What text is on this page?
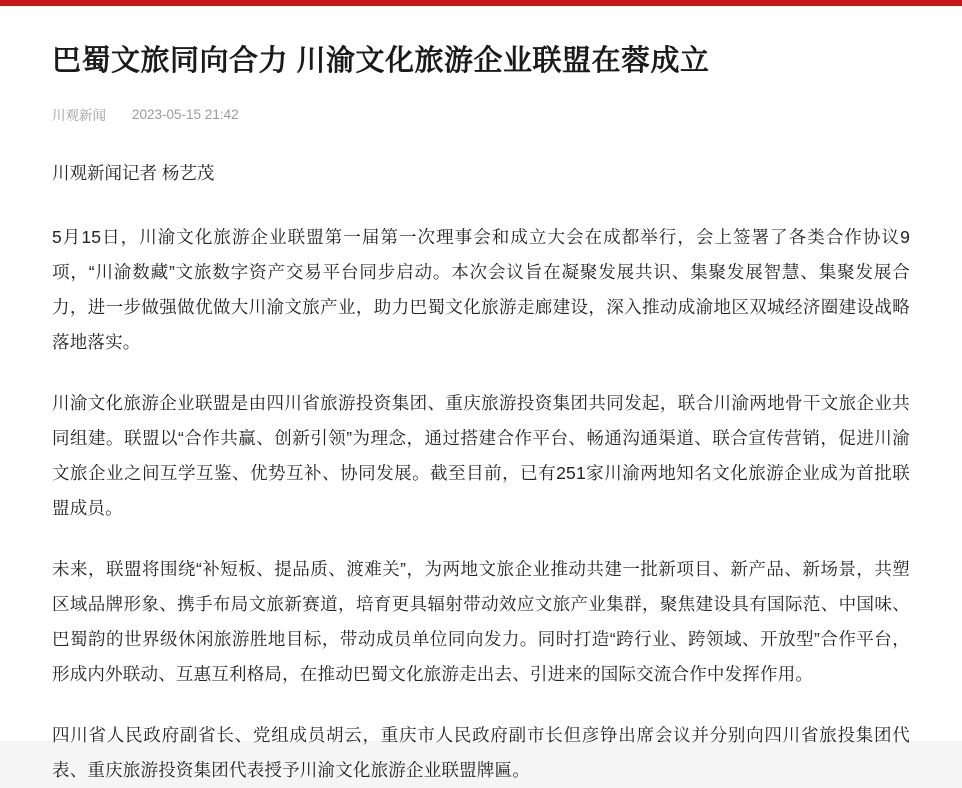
巴蜀文旅同向合力 川渝文化旅游企业联盟在蓉成立
川观新闻 2023-05-15 21:42
川观新闻记者 杨艺茂

5月15日，川渝文化旅游企业联盟第一届第一次理事会和成立大会在成都举行，会上签署了各类合作协议9项，“川渝数藏”文旅数字资产交易平台同步启动。本次会议旨在凝聚发展共识、集聚发展智慧、集聚发展合力，进一步做强做优做大川渝文旅产业，助力巴蜀文化旅游走廊建设，深入推动成渝地区双城经济圈建设战略落地落实。

川渝文化旅游企业联盟是由四川省旅游投资集团、重庆旅游投资集团共同发起，联合川渝两地骨干文旅企业共同组建。联盟以“合作共赢、创新引领”为理念，通过搭建合作平台、畅通沟通渠道、联合宣传营销，促进川渝文旅企业之间互学互鉴、优势互补、协同发展。截至目前，已有251家川渝两地知名文化旅游企业成为首批联盟成员。

未来，联盟将围绕“补短板、提品质、渡难关”，为两地文旅企业推动共建一批新项目、新产品、新场景，共塑区域品牌形象、携手布局文旅新赛道，培育更具辐射带动效应文旅产业集群，聚焦建设具有国际范、中国味、巴蜀韵的世界级休闲旅游胜地目标，带动成员单位同向发力。同时打造“跨行业、跨领域、开放型”合作平台，形成内外联动、互惠互利格局，在推动巴蜀文化旅游走出去、引进来的国际交流合作中发挥作用。

四川省人民政府副省长、党组成员胡云，重庆市人民政府副市长但彦铮出席会议并分别向四川省旅投集团代表、重庆旅游投资集团代表授予川渝文化旅游企业联盟牌匾。
